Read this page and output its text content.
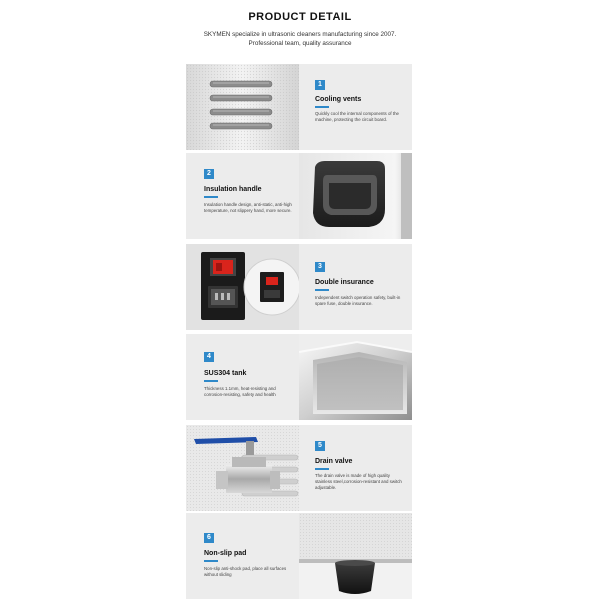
PRODUCT DETAIL
SKYMEN specialize in ultrasonic cleaners manufacturing since 2007. Professional team, quality assurance
1
Cooling vents
Quickly cool the internal components of the machine, protecting the circuit board.
2
Insulation handle
Insulation handle design, anti-static, anti-high temperature, not slippery hand, more secure.
3
Double insurance
Independent switch operation safety, built-in spare fuse, double insurance.
4
SUS304 tank
Thickness 1.1mm, heat-resisting and corrosion-resisting, safety and health
5
Drain valve
The drain valve is made of high quality stainless steel,corrosion-resistant and switch adjustable.
6
Non-slip pad
Non-slip anti-shock pad, place all surfaces without sliding
